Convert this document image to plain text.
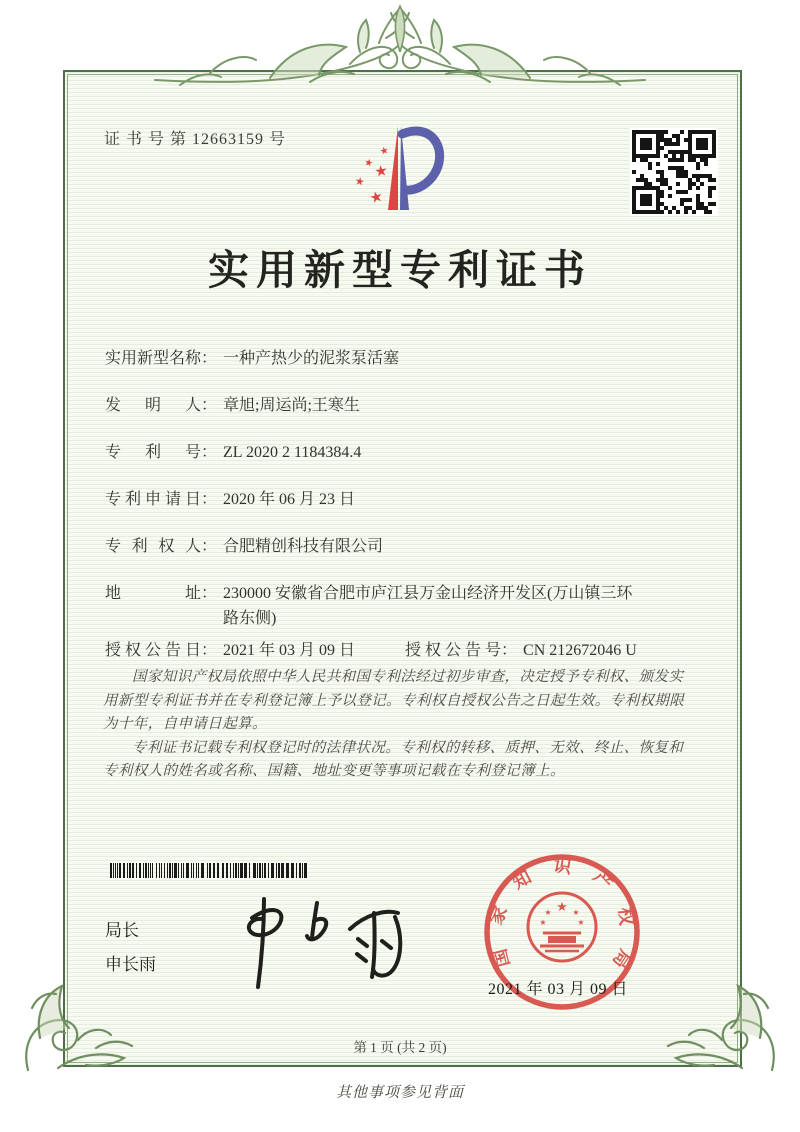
证 书 号 第 12663159 号
★
★
★
★
★
实用新型专利证书
实用新型名称 ： 一种产热少的泥浆泵活塞
发明人 ： 章旭;周运尚;王寒生
专利号 ： ZL 2020 2 1184384.4
专利申请日 ： 2020 年 06 月 23 日
专利权人 ： 合肥精创科技有限公司
地址 ： 230000 安徽省合肥市庐江县万金山经济开发区(万山镇三环路东侧)
授权公告日 ： 2021 年 03 月 09 日	授权公告号 ： CN 212672046 U

国家知识产权局依照中华人民共和国专利法经过初步审查，决定授予专利权、颁发实用新型专利证书并在专利登记簿上予以登记。专利权自授权公告之日起生效。专利权期限为十年，自申请日起算。

专利证书记载专利权登记时的法律状况。专利权的转移、质押、无效、终止、恢复和专利权人的姓名或名称、国籍、地址变更等事项记载在专利登记簿上。

局长
申长雨	国家知识产权局
★
★	★
★	★
2021 年 03 月 09 日
第 1 页 (共 2 页)
其他事项参见背面
